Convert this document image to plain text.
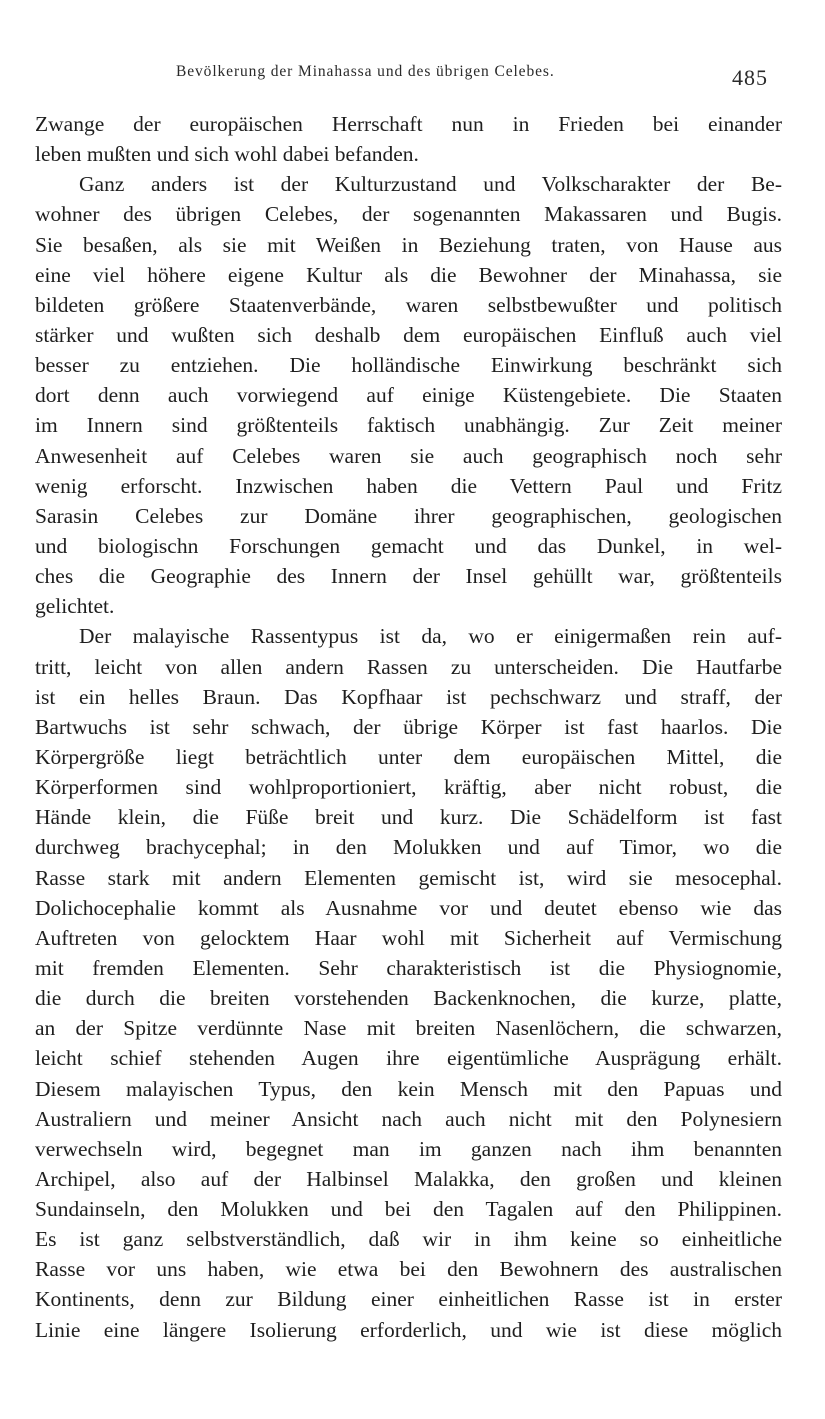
Bevölkerung der Minahassa und des übrigen Celebes.	485

Zwange der europäischen Herrschaft nun in Frieden bei einander
leben mußten und sich wohl dabei befanden.

Ganz anders ist der Kulturzustand und Volkscharakter der Be-
wohner des übrigen Celebes, der sogenannten Makassaren und Bugis.
Sie besaßen, als sie mit Weißen in Beziehung traten, von Hause aus
eine viel höhere eigene Kultur als die Bewohner der Minahassa, sie
bildeten größere Staatenverbände, waren selbstbewußter und politisch
stärker und wußten sich deshalb dem europäischen Einfluß auch viel
besser zu entziehen. Die holländische Einwirkung beschränkt sich
dort denn auch vorwiegend auf einige Küstengebiete. Die Staaten
im Innern sind größtenteils faktisch unabhängig. Zur Zeit meiner
Anwesenheit auf Celebes waren sie auch geographisch noch sehr
wenig erforscht. Inzwischen haben die Vettern Paul und Fritz
Sarasin Celebes zur Domäne ihrer geographischen, geologischen
und biologischn Forschungen gemacht und das Dunkel, in wel-
ches die Geographie des Innern der Insel gehüllt war, größtenteils
gelichtet.

Der malayische Rassentypus ist da, wo er einigermaßen rein auf-
tritt, leicht von allen andern Rassen zu unterscheiden. Die Hautfarbe
ist ein helles Braun. Das Kopfhaar ist pechschwarz und straff, der
Bartwuchs ist sehr schwach, der übrige Körper ist fast haarlos. Die
Körpergröße liegt beträchtlich unter dem europäischen Mittel, die
Körperformen sind wohlproportioniert, kräftig, aber nicht robust, die
Hände klein, die Füße breit und kurz. Die Schädelform ist fast
durchweg brachycephal; in den Molukken und auf Timor, wo die
Rasse stark mit andern Elementen gemischt ist, wird sie mesocephal.
Dolichocephalie kommt als Ausnahme vor und deutet ebenso wie das
Auftreten von gelocktem Haar wohl mit Sicherheit auf Vermischung
mit fremden Elementen. Sehr charakteristisch ist die Physiognomie,
die durch die breiten vorstehenden Backenknochen, die kurze, platte,
an der Spitze verdünnte Nase mit breiten Nasenlöchern, die schwarzen,
leicht schief stehenden Augen ihre eigentümliche Ausprägung erhält.
Diesem malayischen Typus, den kein Mensch mit den Papuas und
Australiern und meiner Ansicht nach auch nicht mit den Polynesiern
verwechseln wird, begegnet man im ganzen nach ihm benannten
Archipel, also auf der Halbinsel Malakka, den großen und kleinen
Sundainseln, den Molukken und bei den Tagalen auf den Philippinen.
Es ist ganz selbstverständlich, daß wir in ihm keine so einheitliche
Rasse vor uns haben, wie etwa bei den Bewohnern des australischen
Kontinents, denn zur Bildung einer einheitlichen Rasse ist in erster
Linie eine längere Isolierung erforderlich, und wie ist diese möglich
